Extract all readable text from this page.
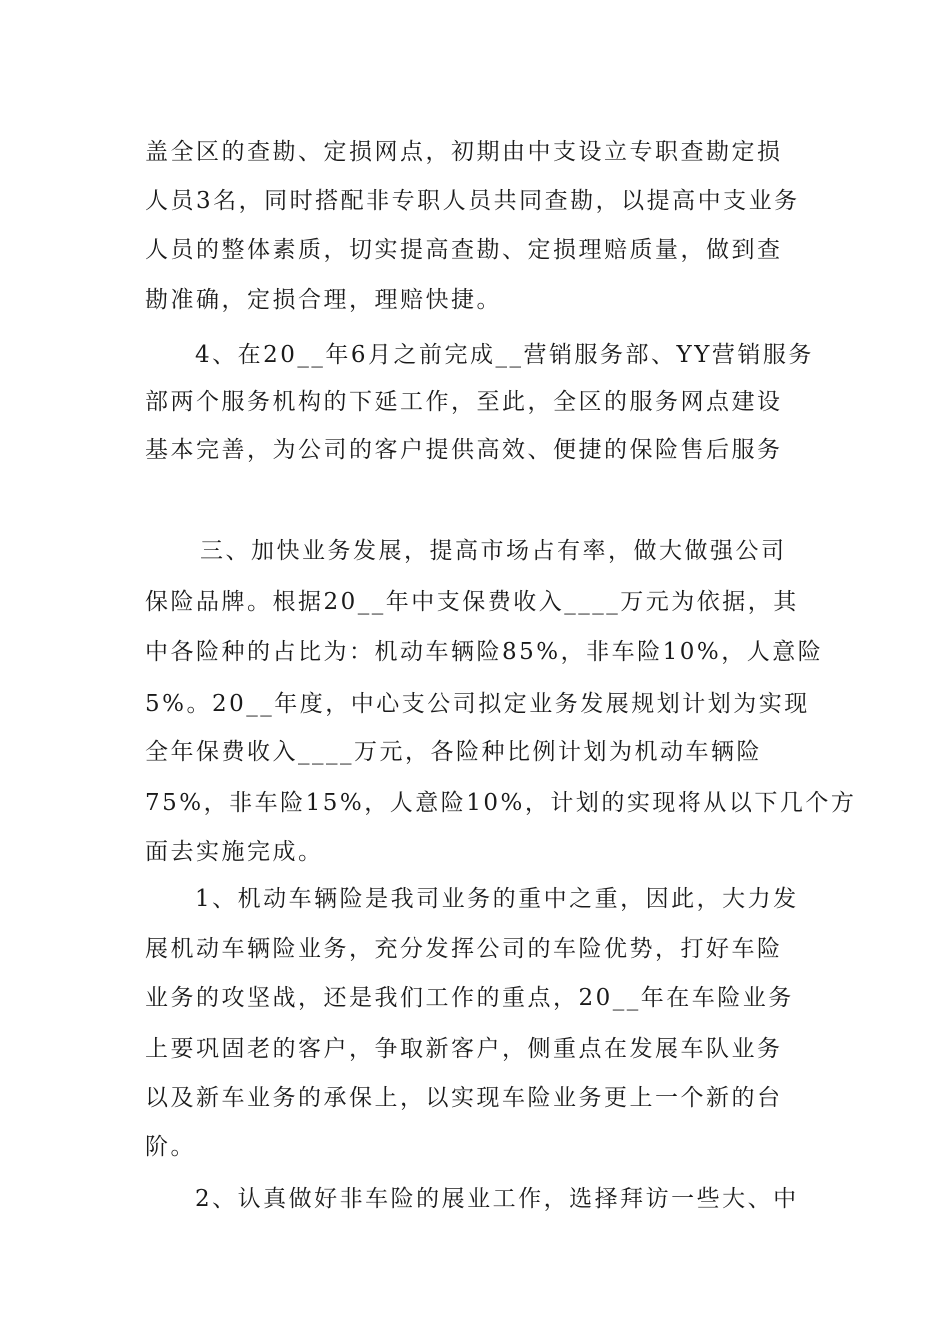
盖全区的查勘、定损网点，初期由中支设立专职查勘定损
人员3名，同时搭配非专职人员共同查勘，以提高中支业务
人员的整体素质，切实提高查勘、定损理赔质量，做到查
勘准确，定损合理，理赔快捷。
4、在20__年6月之前完成__营销服务部、YY营销服务
部两个服务机构的下延工作，至此，全区的服务网点建设
基本完善，为公司的客户提供高效、便捷的保险售后服务
三、加快业务发展，提高市场占有率，做大做强公司
保险品牌。根据20__年中支保费收入____万元为依据，其
中各险种的占比为：机动车辆险85%，非车险10%，人意险
5%。20__年度，中心支公司拟定业务发展规划计划为实现
全年保费收入____万元，各险种比例计划为机动车辆险
75%，非车险15%，人意险10%，计划的实现将从以下几个方
面去实施完成。
1、机动车辆险是我司业务的重中之重，因此，大力发
展机动车辆险业务，充分发挥公司的车险优势，打好车险
业务的攻坚战，还是我们工作的重点，20__年在车险业务
上要巩固老的客户，争取新客户，侧重点在发展车队业务
以及新车业务的承保上，以实现车险业务更上一个新的台
阶。
2、认真做好非车险的展业工作，选择拜访一些大、中
